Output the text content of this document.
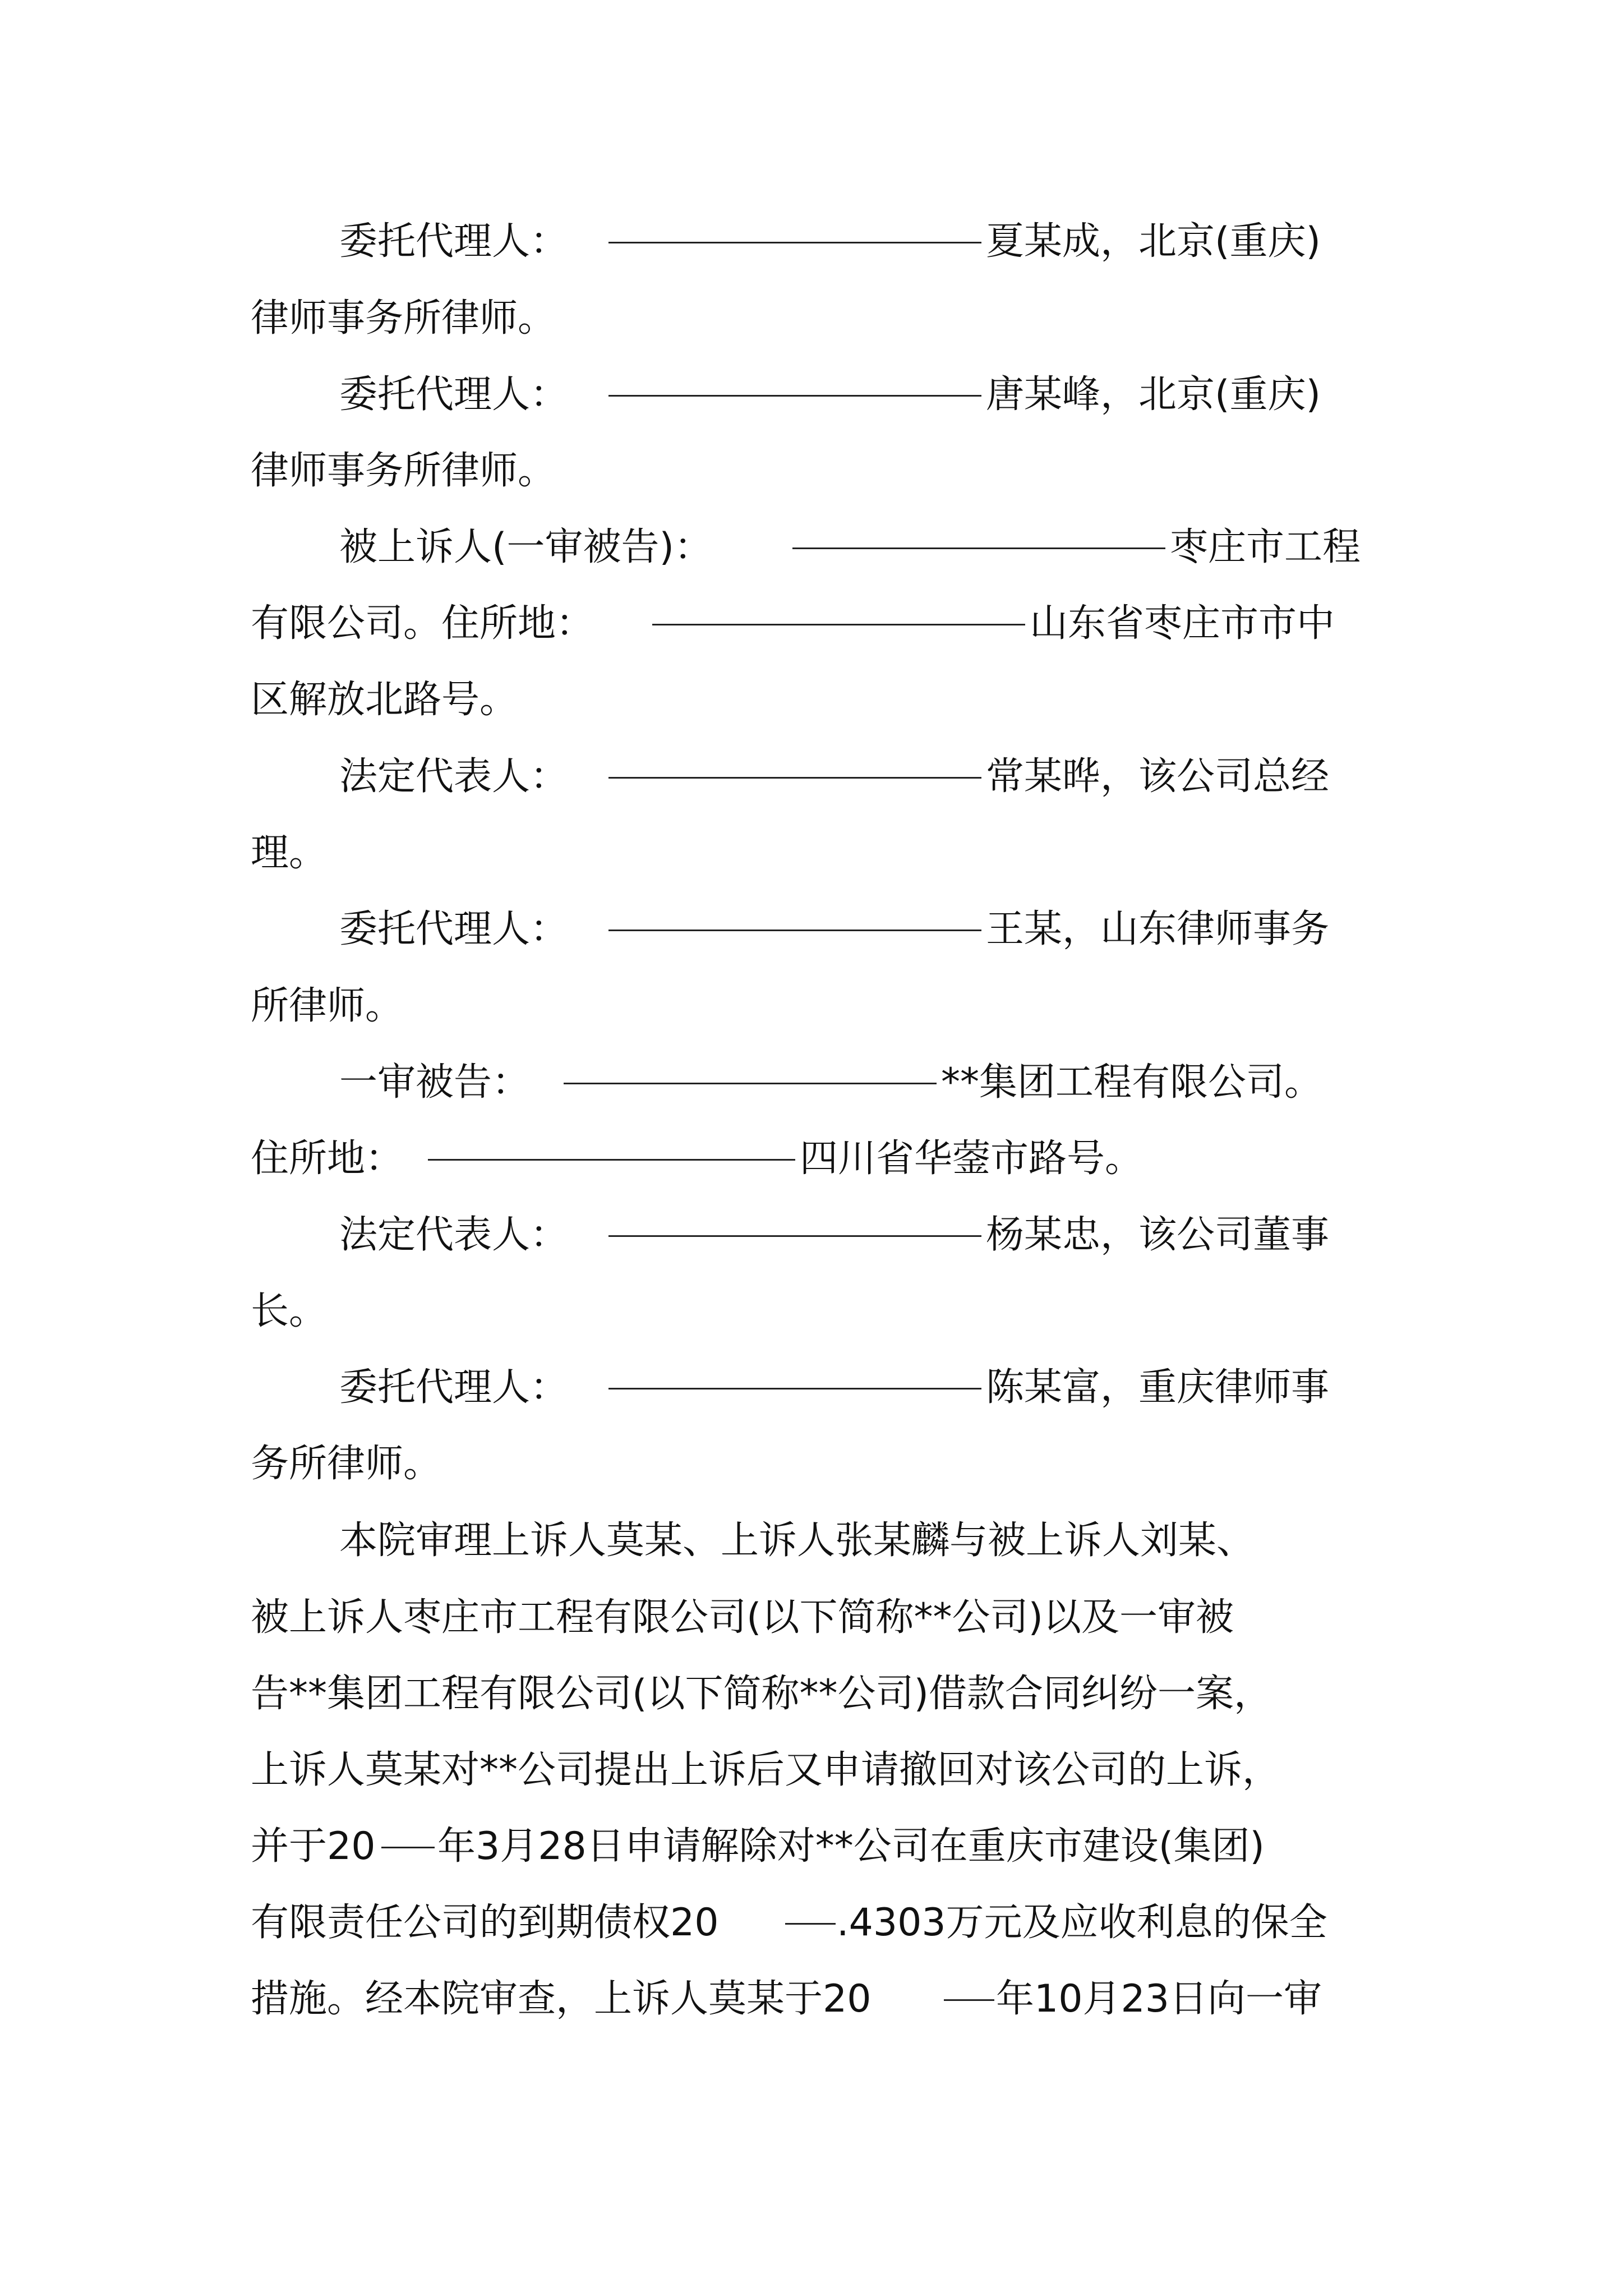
委托代理人：

	夏某成，北京(重庆)

律师事务所律师。

委托代理人：

	唐某峰，北京(重庆)

律师事务所律师。

被上诉人(一审被告)：

	枣庄市工程

有限公司。住所地：

	山东省枣庄市市中

区解放北路号。

法定代表人：

	常某晔，该公司总经

理。

委托代理人：

	王某，山东律师事务

所律师。

一审被告：

	**集团工程有限公司。

住所地：

	四川省华蓥市路号。

法定代表人：

	杨某忠，该公司董事

长。

委托代理人：

	陈某富，重庆律师事

务所律师。

本院审理上诉人莫某、上诉人张某麟与被上诉人刘某、

被上诉人枣庄市工程有限公司(以下简称**公司)以及一审被

告**集团工程有限公司(以下简称**公司)借款合同纠纷一案，

上诉人莫某对**公司提出上诉后又申请撤回对该公司的上诉，

并于20

年3月28日申请解除对**公司在重庆市建设(集团)

有限责任公司的到期债权20

	.4303万元及应收利息的保全

措施。经本院审查，上诉人莫某于20

	年10月23日向一审
